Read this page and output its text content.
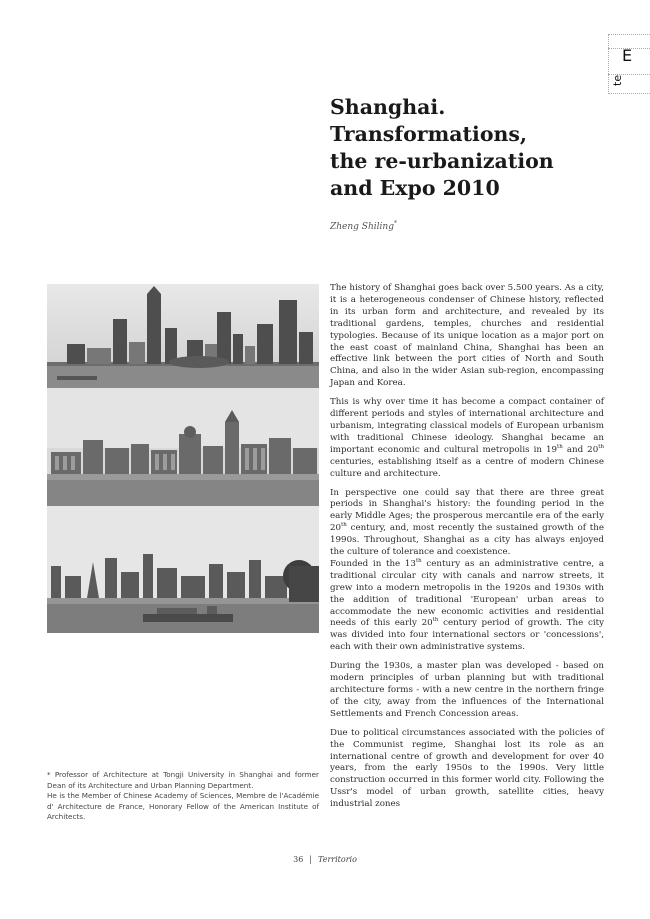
E
te
Shanghai.
Transformations,
the re-urbanization
and Expo 2010
Zheng Shiling*

The history of Shanghai goes back over 5.500 years. As a city, it is a heterogeneous condenser of Chinese history, reflected in its urban form and architecture, and revealed by its traditional gardens, temples, churches and residential typologies. Because of its unique location as a major port on the east coast of mainland China, Shanghai has been an effective link between the port cities of North and South China, and also in the wider Asian sub-region, encompassing Japan and Korea.

This is why over time it has become a compact container of different periods and styles of international architecture and urbanism, integrating classical models of European urbanism with traditional Chinese ideology. Shanghai became an important economic and cultural metropolis in 19th and 20th centuries, establishing itself as a centre of modern Chinese culture and architecture.

In perspective one could say that there are three great periods in Shanghai's history: the founding period in the early Middle Ages; the prosperous mercantile era of the early 20th century, and, most recently the sustained growth of the 1990s. Throughout, Shanghai as a city has always enjoyed the culture of tolerance and coexistence.

Founded in the 13th century as an administrative centre, a traditional circular city with canals and narrow streets, it grew into a modern metropolis in the 1920s and 1930s with the addition of traditional 'European' urban areas to accommodate the new economic activities and residential needs of this early 20th century period of growth. The city was divided into four international sectors or 'concessions', each with their own administrative systems.

During the 1930s, a master plan was developed - based on modern principles of urban planning but with traditional architecture forms - with a new centre in the northern fringe of the city, away from the influences of the International Settlements and French Concession areas.

Due to political circumstances associated with the policies of the Communist regime, Shanghai lost its role as an international centre of growth and development for over 40 years, from the early 1950s to the 1990s. Very little construction occurred in this former world city. Following the Ussr's model of urban growth, satellite cities, heavy industrial zones

* Professor of Architecture at Tongji University in Shanghai and former Dean of its Architecture and Urban Planning Department.

He is the Member of Chinese Academy of Sciences, Membre de l'Académie d' Architecture de France, Honorary Fellow of the American Institute of Architects.

36 | Territorio
